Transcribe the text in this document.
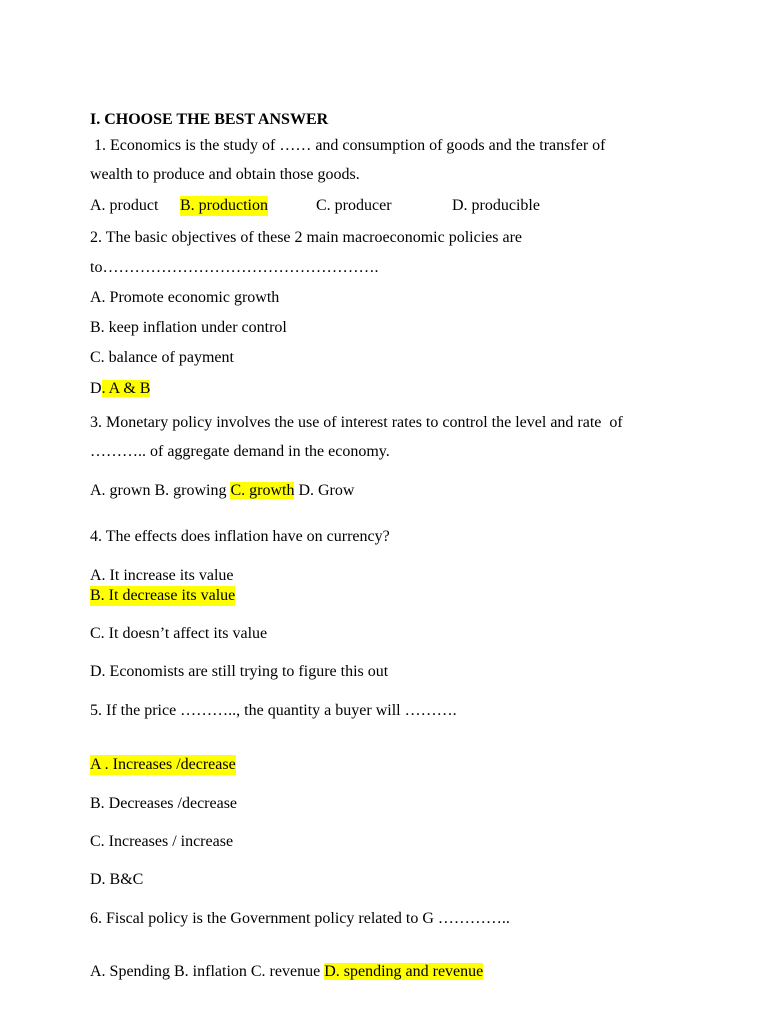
I. CHOOSE THE BEST ANSWER
1. Economics is the study of …… and consumption of goods and the transfer of
wealth to produce and obtain those goods.
A. product B. production	C. producer	D. producible
2. The basic objectives of these 2 main macroeconomic policies are
to…………………………………………….
A. Promote economic growth
B. keep inflation under control
C. balance of payment
D. A & B
3. Monetary policy involves the use of interest rates to control the level and rate  of
……….. of aggregate demand in the economy.
A. grown B. growing C. growth D. Grow
4. The effects does inflation have on currency?
A. It increase its value
B. It decrease its value
C. It doesn’t affect its value
D. Economists are still trying to figure this out
5. If the price ……….., the quantity a buyer will ……….
A . Increases /decrease
B. Decreases /decrease
C. Increases / increase
D. B&C
6. Fiscal policy is the Government policy related to G …………..
A. Spending B. inflation C. revenue D. spending and revenue
